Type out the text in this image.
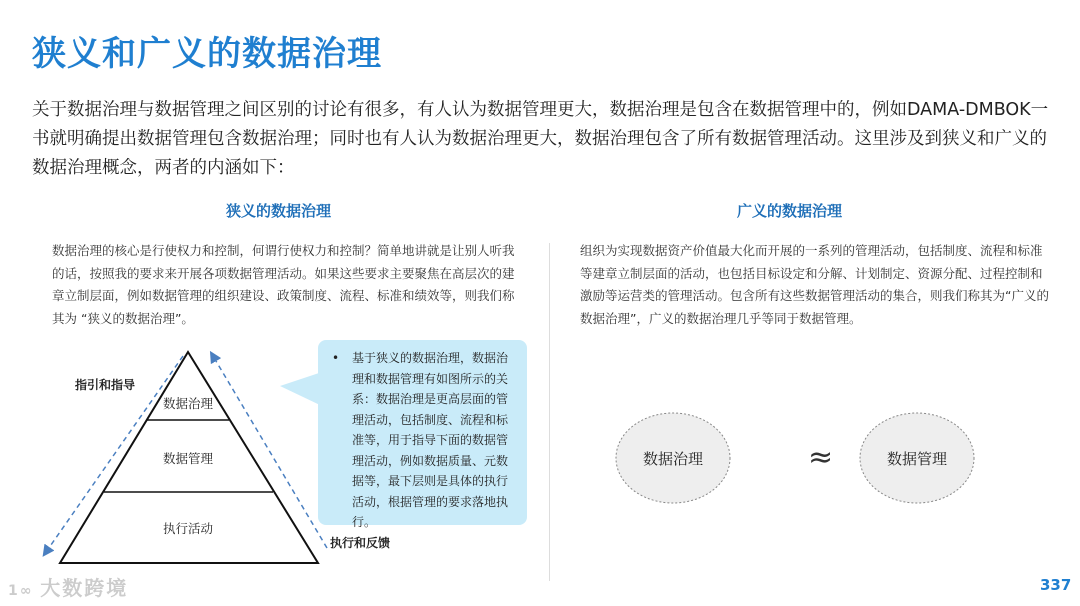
狭义和广义的数据治理
关于数据治理与数据管理之间区别的讨论有很多，有人认为数据管理更大，数据治理是包含在数据管理中的，例如DAMA-DMBOK一书就明确提出数据管理包含数据治理；同时也有人认为数据治理更大，数据治理包含了所有数据管理活动。这里涉及到狭义和广义的数据治理概念，两者的内涵如下：
狭义的数据治理
数据治理的核心是行使权力和控制，何谓行使权力和控制？简单地讲就是让别人听我的话，按照我的要求来开展各项数据管理活动。如果这些要求主要聚焦在高层次的建章立制层面，例如数据管理的组织建设、政策制度、流程、标准和绩效等，则我们称其为 “狭义的数据治理”。
广义的数据治理
组织为实现数据资产价值最大化而开展的一系列的管理活动，包括制度、流程和标准等建章立制层面的活动，也包括目标设定和分解、计划制定、资源分配、过程控制和激励等运营类的管理活动。包含所有这些数据管理活动的集合，则我们称其为“广义的数据治理”，广义的数据治理几乎等同于数据管理。
数据治理
数据管理
执行活动
指引和指导
执行和反馈
• 基于狭义的数据治理，数据治理和数据管理有如图所示的关系：数据治理是更高层面的管理活动，包括制度、流程和标准等，用于指导下面的数据管理活动，例如数据质量、元数据等，最下层则是具体的执行活动，根据管理的要求落地执行。
数据治理	≈	数据管理
1∞ 大数跨境	337
